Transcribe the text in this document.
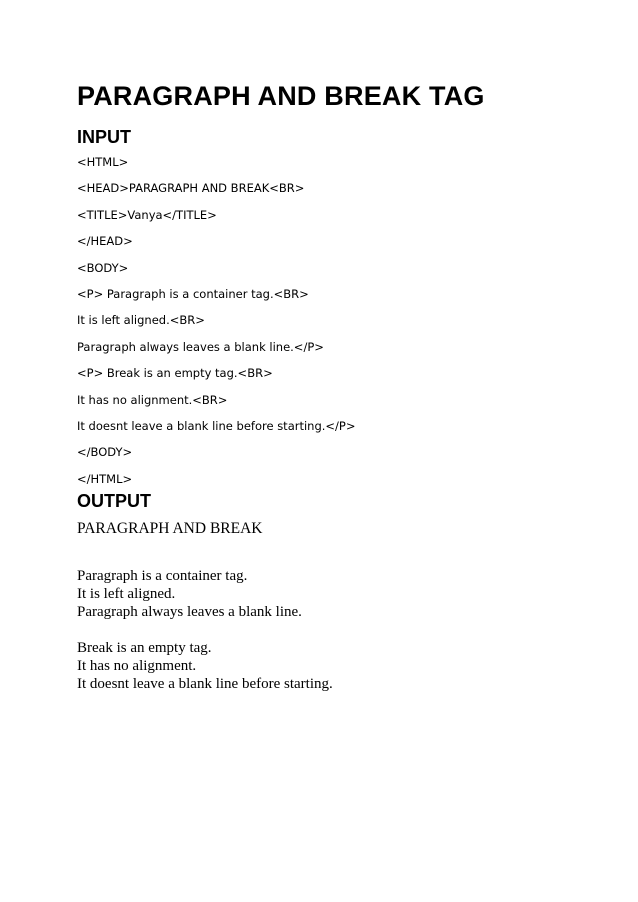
PARAGRAPH AND BREAK TAG
INPUT
<HTML>
<HEAD>PARAGRAPH AND BREAK<BR>
<TITLE>Vanya</TITLE>
</HEAD>
<BODY>
<P> Paragraph is a container tag.<BR>
It is left aligned.<BR>
Paragraph always leaves a blank line.</P>
<P> Break is an empty tag.<BR>
It has no alignment.<BR>
It doesnt leave a blank line before starting.</P>
</BODY>
</HTML>
OUTPUT
PARAGRAPH AND BREAK

Paragraph is a container tag.
It is left aligned.
Paragraph always leaves a blank line.

Break is an empty tag.
It has no alignment.
It doesnt leave a blank line before starting.
